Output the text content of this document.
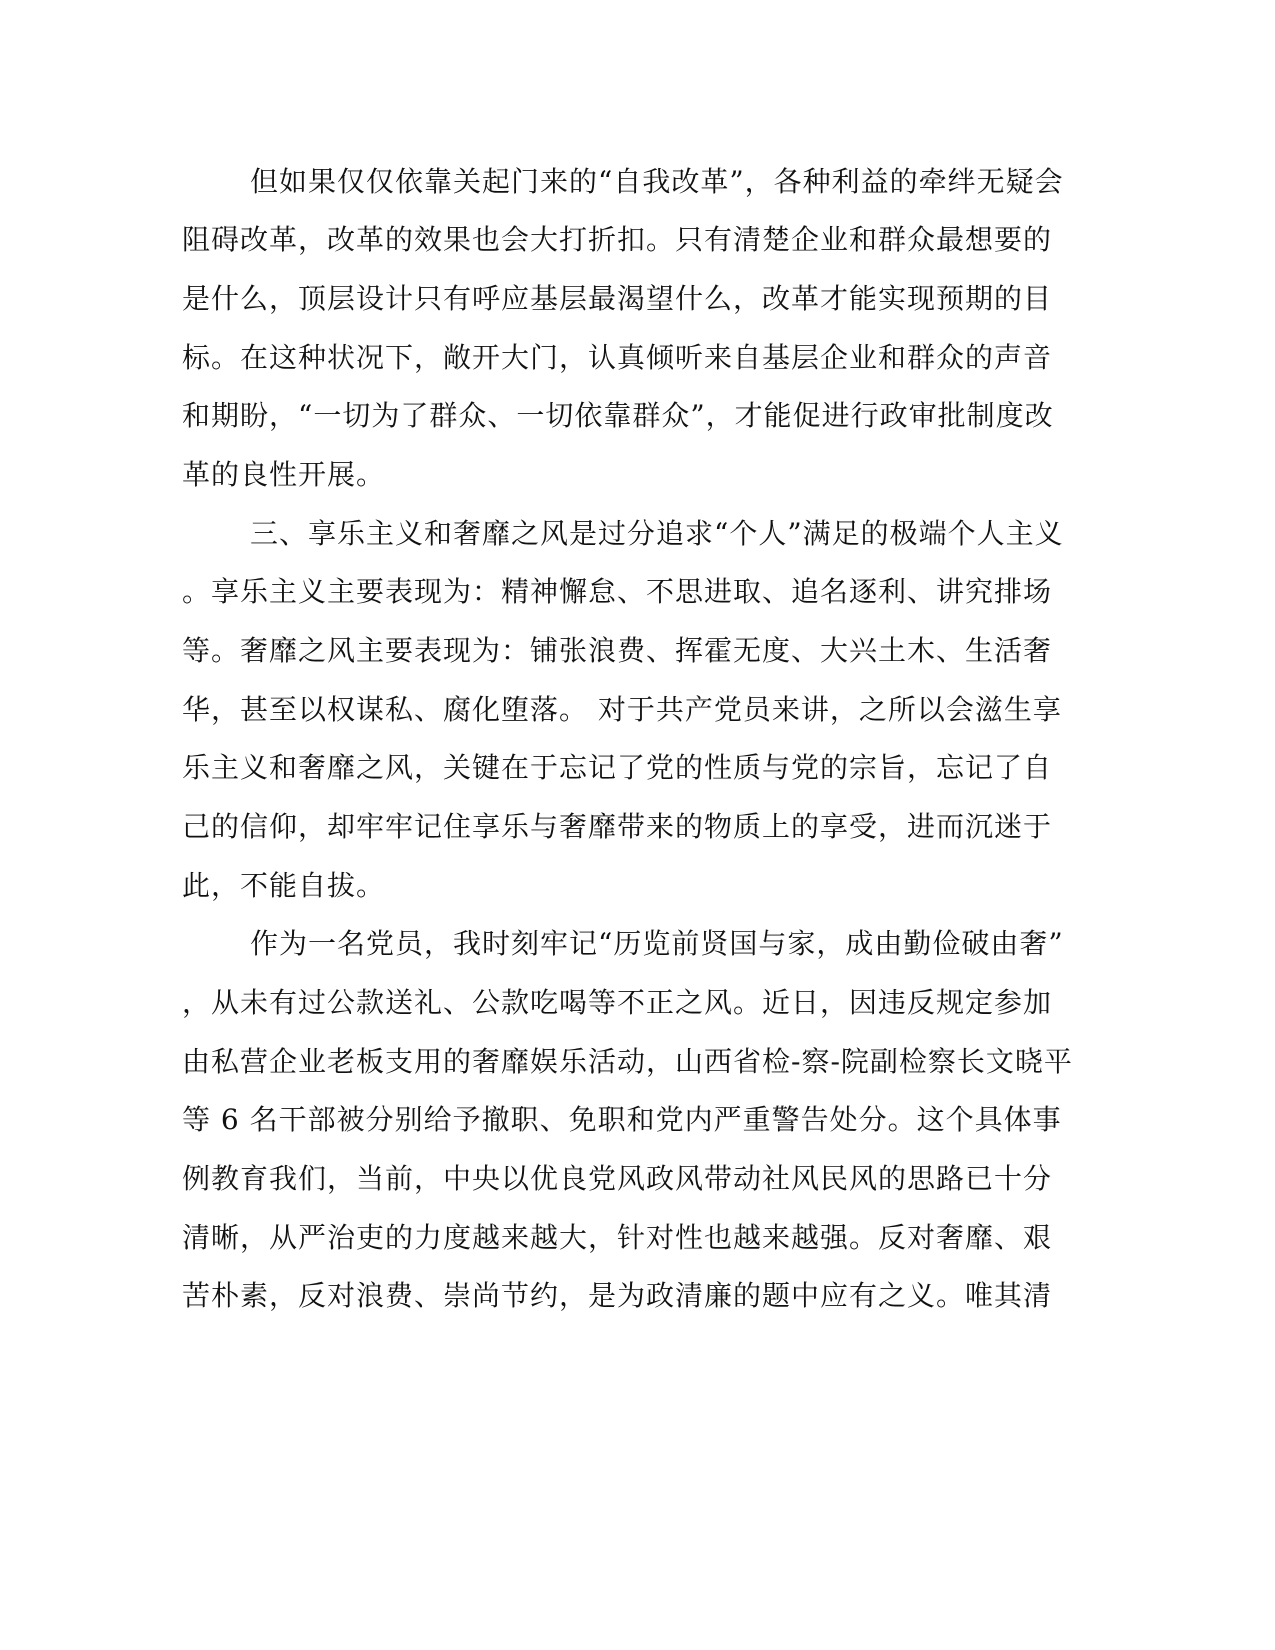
但如果仅仅依靠关起门来的“自我改革”，各种利益的牵绊无疑会
阻碍改革，改革的效果也会大打折扣。只有清楚企业和群众最想要的
是什么，顶层设计只有呼应基层最渴望什么，改革才能实现预期的目
标。在这种状况下，敞开大门，认真倾听来自基层企业和群众的声音
和期盼，“一切为了群众、一切依靠群众”，才能促进行政审批制度改
革的良性开展。
三、享乐主义和奢靡之风是过分追求“个人”满足的极端个人主义
。享乐主义主要表现为：精神懈怠、不思进取、追名逐利、讲究排场
等。奢靡之风主要表现为：铺张浪费、挥霍无度、大兴土木、生活奢
华，甚至以权谋私、腐化堕落。 对于共产党员来讲，之所以会滋生享
乐主义和奢靡之风，关键在于忘记了党的性质与党的宗旨，忘记了自
己的信仰，却牢牢记住享乐与奢靡带来的物质上的享受，进而沉迷于
此，不能自拔。
作为一名党员，我时刻牢记“历览前贤国与家，成由勤俭破由奢”
，从未有过公款送礼、公款吃喝等不正之风。近日，因违反规定参加
由私营企业老板支用的奢靡娱乐活动，山西省检-察-院副检察长文晓平
等 6 名干部被分别给予撤职、免职和党内严重警告处分。这个具体事
例教育我们，当前，中央以优良党风政风带动社风民风的思路已十分
清晰，从严治吏的力度越来越大，针对性也越来越强。反对奢靡、艰
苦朴素，反对浪费、崇尚节约，是为政清廉的题中应有之义。唯其清
